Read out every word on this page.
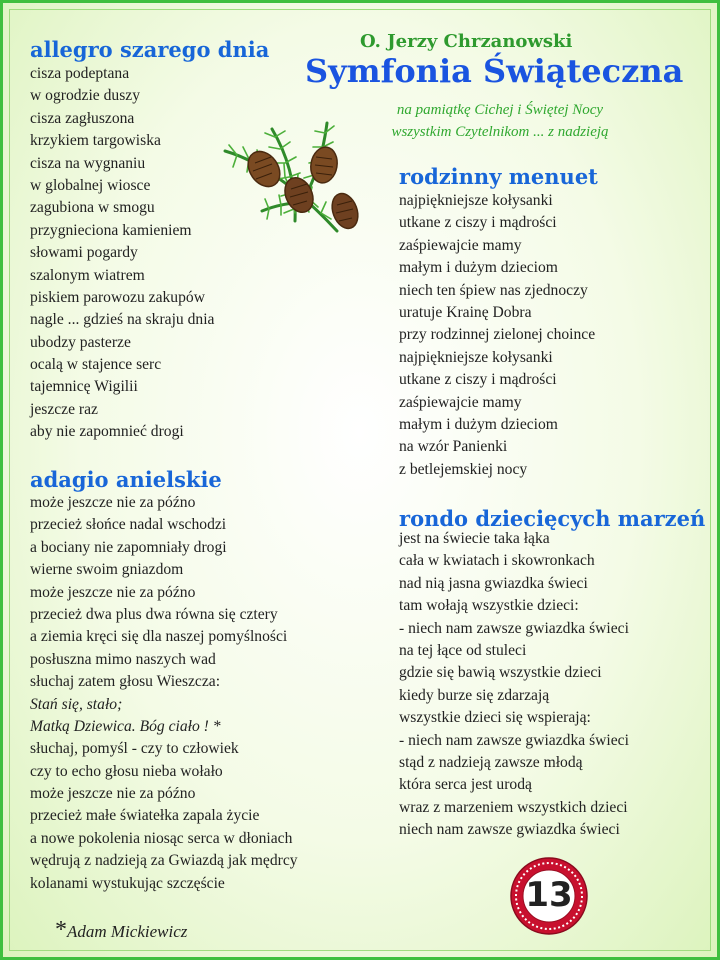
O. Jerzy Chrzanowski
Symfonia Świąteczna
na pamiątkę Cichej i Świętej Nocy
wszystkim Czytelnikom ... z nadzieją
allegro szarego dnia
cisza podeptana
w ogrodzie duszy
cisza zagłuszona
krzykiem targowiska
cisza na wygnaniu
w globalnej wiosce
zagubiona w smogu
przygnieciona kamieniem
słowami pogardy
szalonym wiatrem
piskiem parowozu zakupów
nagle ... gdzieś na skraju dnia
ubodzy pasterze
ocalą w stajence serc
tajemnicę Wigilii
jeszcze raz
aby nie zapomnieć drogi
adagio anielskie
może jeszcze nie za późno
przecież słońce nadal wschodzi
a bociany nie zapomniały drogi
wierne swoim gniazdom
może jeszcze nie za późno
przecież dwa plus dwa równa się cztery
a ziemia kręci się dla naszej pomyślności
posłuszna mimo naszych wad
słuchaj zatem głosu Wieszcza:
Stań się, stało;
Matką Dziewica. Bóg ciało ! *
słuchaj, pomyśl - czy to człowiek
czy to echo głosu nieba wołało
może jeszcze nie za późno
przecież małe światełka zapala życie
a nowe pokolenia niosąc serca w dłoniach
wędrują z nadzieją za Gwiazdą jak mędrcy
kolanami wystukując szczęście
rodzinny menuet
najpiękniejsze kołysanki
utkane z ciszy i mądrości
zaśpiewajcie mamy
małym i dużym dzieciom
niech ten śpiew nas zjednoczy
uratuje Krainę Dobra
przy rodzinnej zielonej choince
najpiękniejsze kołysanki
utkane z ciszy i mądrości
zaśpiewajcie mamy
małym i dużym dzieciom
na wzór Panienki
z betlejemskiej nocy
rondo dziecięcych marzeń
jest na świecie taka łąka
cała w kwiatach i skowronkach
nad nią jasna gwiazdka świeci
tam wołają wszystkie dzieci:
- niech nam zawsze gwiazdka świeci
na tej łące od stuleci
gdzie się bawią wszystkie dzieci
kiedy burze się zdarzają
wszystkie dzieci się wspierają:
- niech nam zawsze gwiazdka świeci
stąd z nadzieją zawsze młodą
która serca jest urodą
wraz z marzeniem wszystkich dzieci
niech nam zawsze gwiazdka świeci
*Adam Mickiewicz
13
